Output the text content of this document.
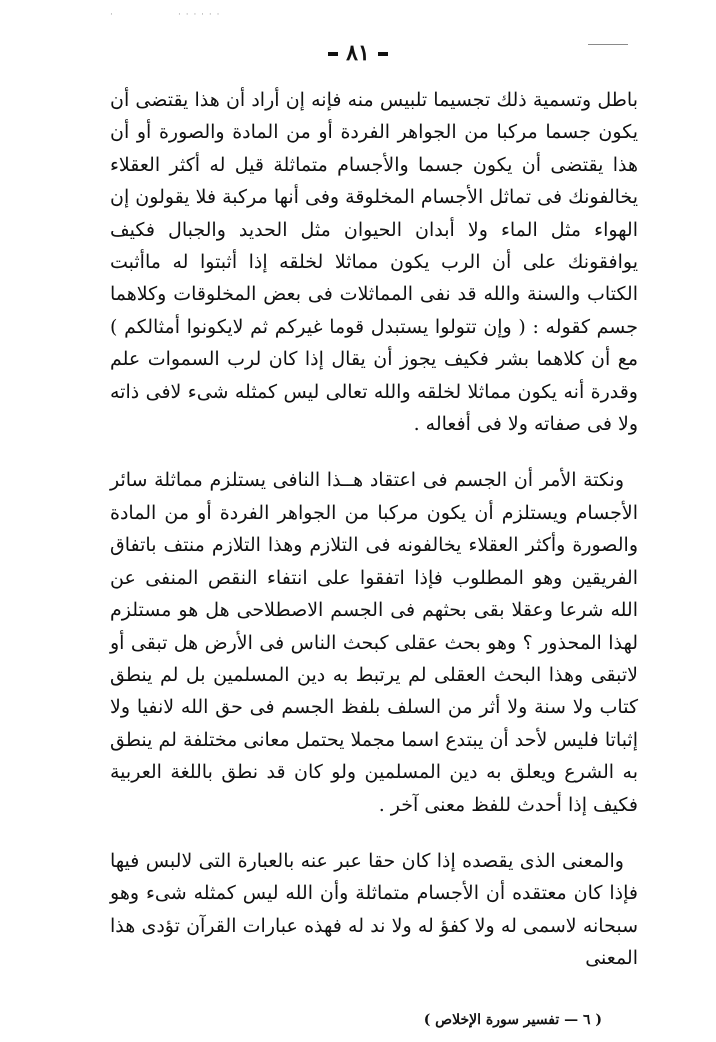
·	· · · · · ·

٨١

باطل وتسمية ذلك تجسيما تلبيس منه فإنه إن أراد أن هذا يقتضى أن يكون جسما مركبا من الجواهر الفردة أو من المادة والصورة أو أن هذا يقتضى أن يكون جسما والأجسام متماثلة قيل له أكثر العقلاء يخالفونك فى تماثل الأجسام المخلوقة وفى أنها مركبة فلا يقولون إن الهواء مثل الماء ولا أبدان الحيوان مثل الحديد والجبال فكيف يوافقونك على أن الرب يكون مماثلا لخلقه إذا أثبتوا له ماأثبت الكتاب والسنة والله قد نفى المماثلات فى بعض المخلوقات وكلاهما جسم كقوله : ( وإن تتولوا يستبدل قوما غيركم ثم لايكونوا أمثالكم ) مع أن كلاهما بشر فكيف يجوز أن يقال إذا كان لرب السموات علم وقدرة أنه يكون مماثلا لخلقه والله تعالى ليس كمثله شىء لافى ذاته ولا فى صفاته ولا فى أفعاله .

ونكتة الأمر أن الجسم فى اعتقاد هــذا النافى يستلزم مماثلة سائر الأجسام ويستلزم أن يكون مركبا من الجواهر الفردة أو من المادة والصورة وأكثر العقلاء يخالفونه فى التلازم وهذا التلازم منتف باتفاق الفريقين وهو المطلوب فإذا اتفقوا على انتفاء النقص المنفى عن الله شرعا وعقلا بقى بحثهم فى الجسم الاصطلاحى هل هو مستلزم لهذا المحذور ؟ وهو بحث عقلى كبحث الناس فى الأرض هل تبقى أو لاتبقى وهذا البحث العقلى لم يرتبط به دين المسلمين بل لم ينطق كتاب ولا سنة ولا أثر من السلف بلفظ الجسم فى حق الله لانفيا ولا إثباتا فليس لأحد أن يبتدع اسما مجملا يحتمل معانى مختلفة لم ينطق به الشرع ويعلق به دين المسلمين ولو كان قد نطق باللغة العربية فكيف إذا أحدث للفظ معنى آخر .

والمعنى الذى يقصده إذا كان حقا عبر عنه بالعبارة التى لالبس فيها فإذا كان معتقده أن الأجسام متماثلة وأن الله ليس كمثله شىء وهو سبحانه لاسمى له ولا كفؤ له ولا ند له فهذه عبارات القرآن تؤدى هذا المعنى

( ٦ — تفسير سورة الإخلاص )
